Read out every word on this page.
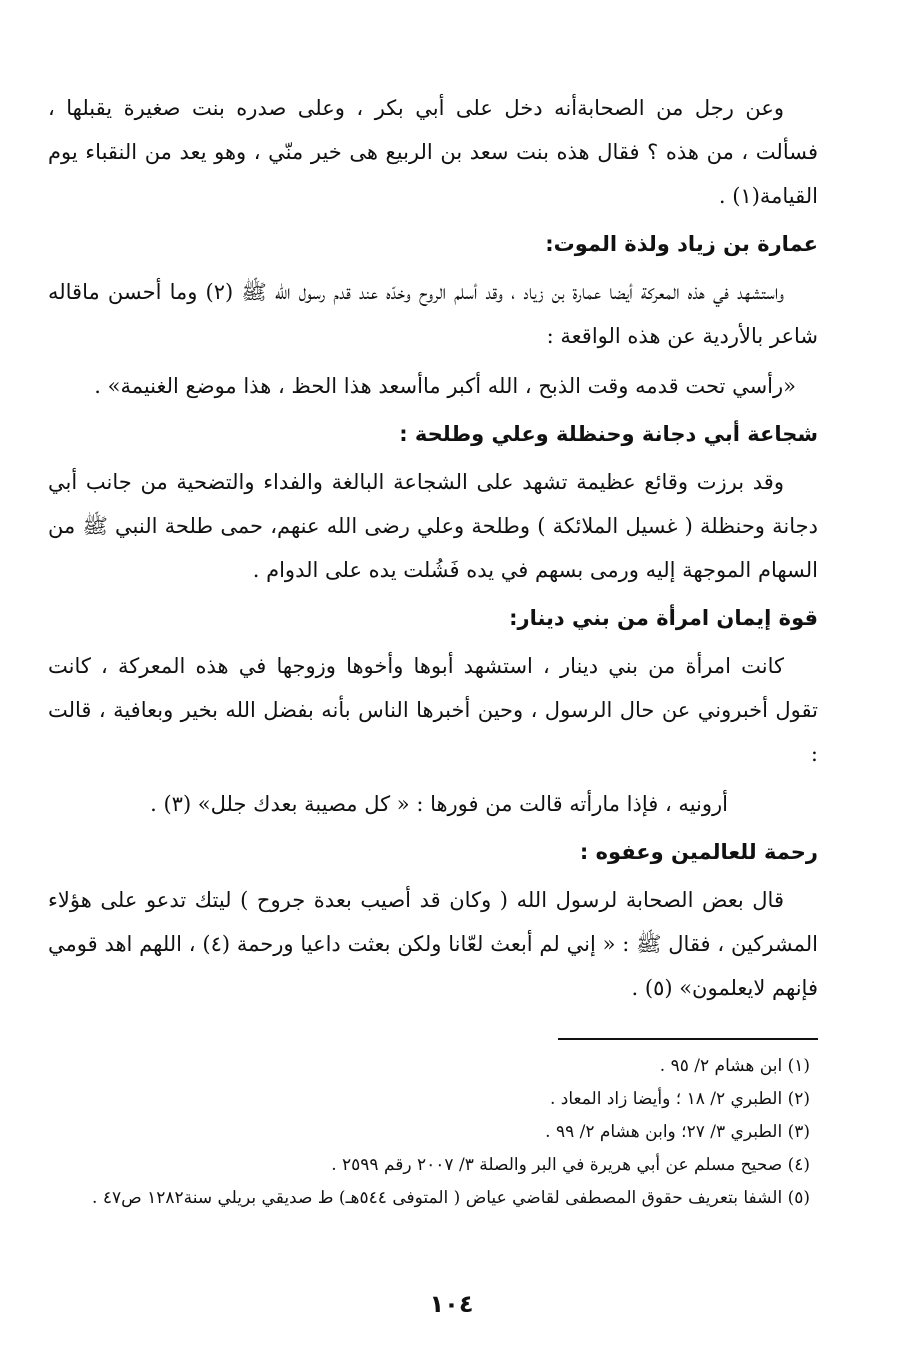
وعن رجل من الصحابةأنه دخل على أبي بكر ، وعلى صدره بنت صغيرة يقبلها ، فسألت ، من هذه ؟ فقال هذه بنت سعد بن الربيع هى خير منّي ، وهو يعد من النقباء يوم القيامة(١) .

عمارة بن زياد ولذة الموت:

واستشهد في هذه المعركة أيضا عمارة بن زياد ، وقد أسلم الروح وخدّه عند قدم رسول الله ﷺ (٢) وما أحسن ماقاله شاعر بالأردية عن هذه الواقعة :

«رأسي تحت قدمه وقت الذبح ، الله أكبر ماأسعد هذا الحظ ، هذا موضع الغنيمة» .

شجاعة أبي دجانة وحنظلة وعلي وطلحة :

وقد برزت وقائع عظيمة تشهد على الشجاعة البالغة والفداء والتضحية من جانب أبي دجانة وحنظلة ( غسيل الملائكة ) وطلحة وعلي رضى الله عنهم، حمى طلحة النبي ﷺ من السهام الموجهة إليه ورمى بسهم في يده فَشُلت يده على الدوام .

قوة إيمان امرأة من بني دينار:

كانت امرأة من بني دينار ، استشهد أبوها وأخوها وزوجها في هذه المعركة ، كانت تقول أخبروني عن حال الرسول ، وحين أخبرها الناس بأنه بفضل الله بخير وبعافية ، قالت :

أرونيه ، فإذا مارأته قالت من فورها : « كل مصيبة بعدك جلل» (٣) .

رحمة للعالمين وعفوه :

قال بعض الصحابة لرسول الله ( وكان قد أصيب بعدة جروح ) ليتك تدعو على هؤلاء المشركين ، فقال ﷺ : « إني لم أبعث لعّانا ولكن بعثت داعيا ورحمة (٤) ، اللهم اهد قومي فإنهم لايعلمون» (٥) .

(١) ابن هشام ٢/ ٩٥ .

(٢) الطبري ٢/ ١٨ ؛ وأيضا زاد المعاد .

(٣) الطبري ٣/ ٢٧؛ وابن هشام ٢/ ٩٩ .

(٤) صحيح مسلم عن أبي هريرة في البر والصلة ٣/ ٢٠٠٧ رقم ٢٥٩٩ .

(٥) الشفا بتعريف حقوق المصطفى لقاضي عياض ( المتوفى ٥٤٤هـ) ط صديقي بريلي سنة١٢٨٢ ص٤٧ .

١٠٤
